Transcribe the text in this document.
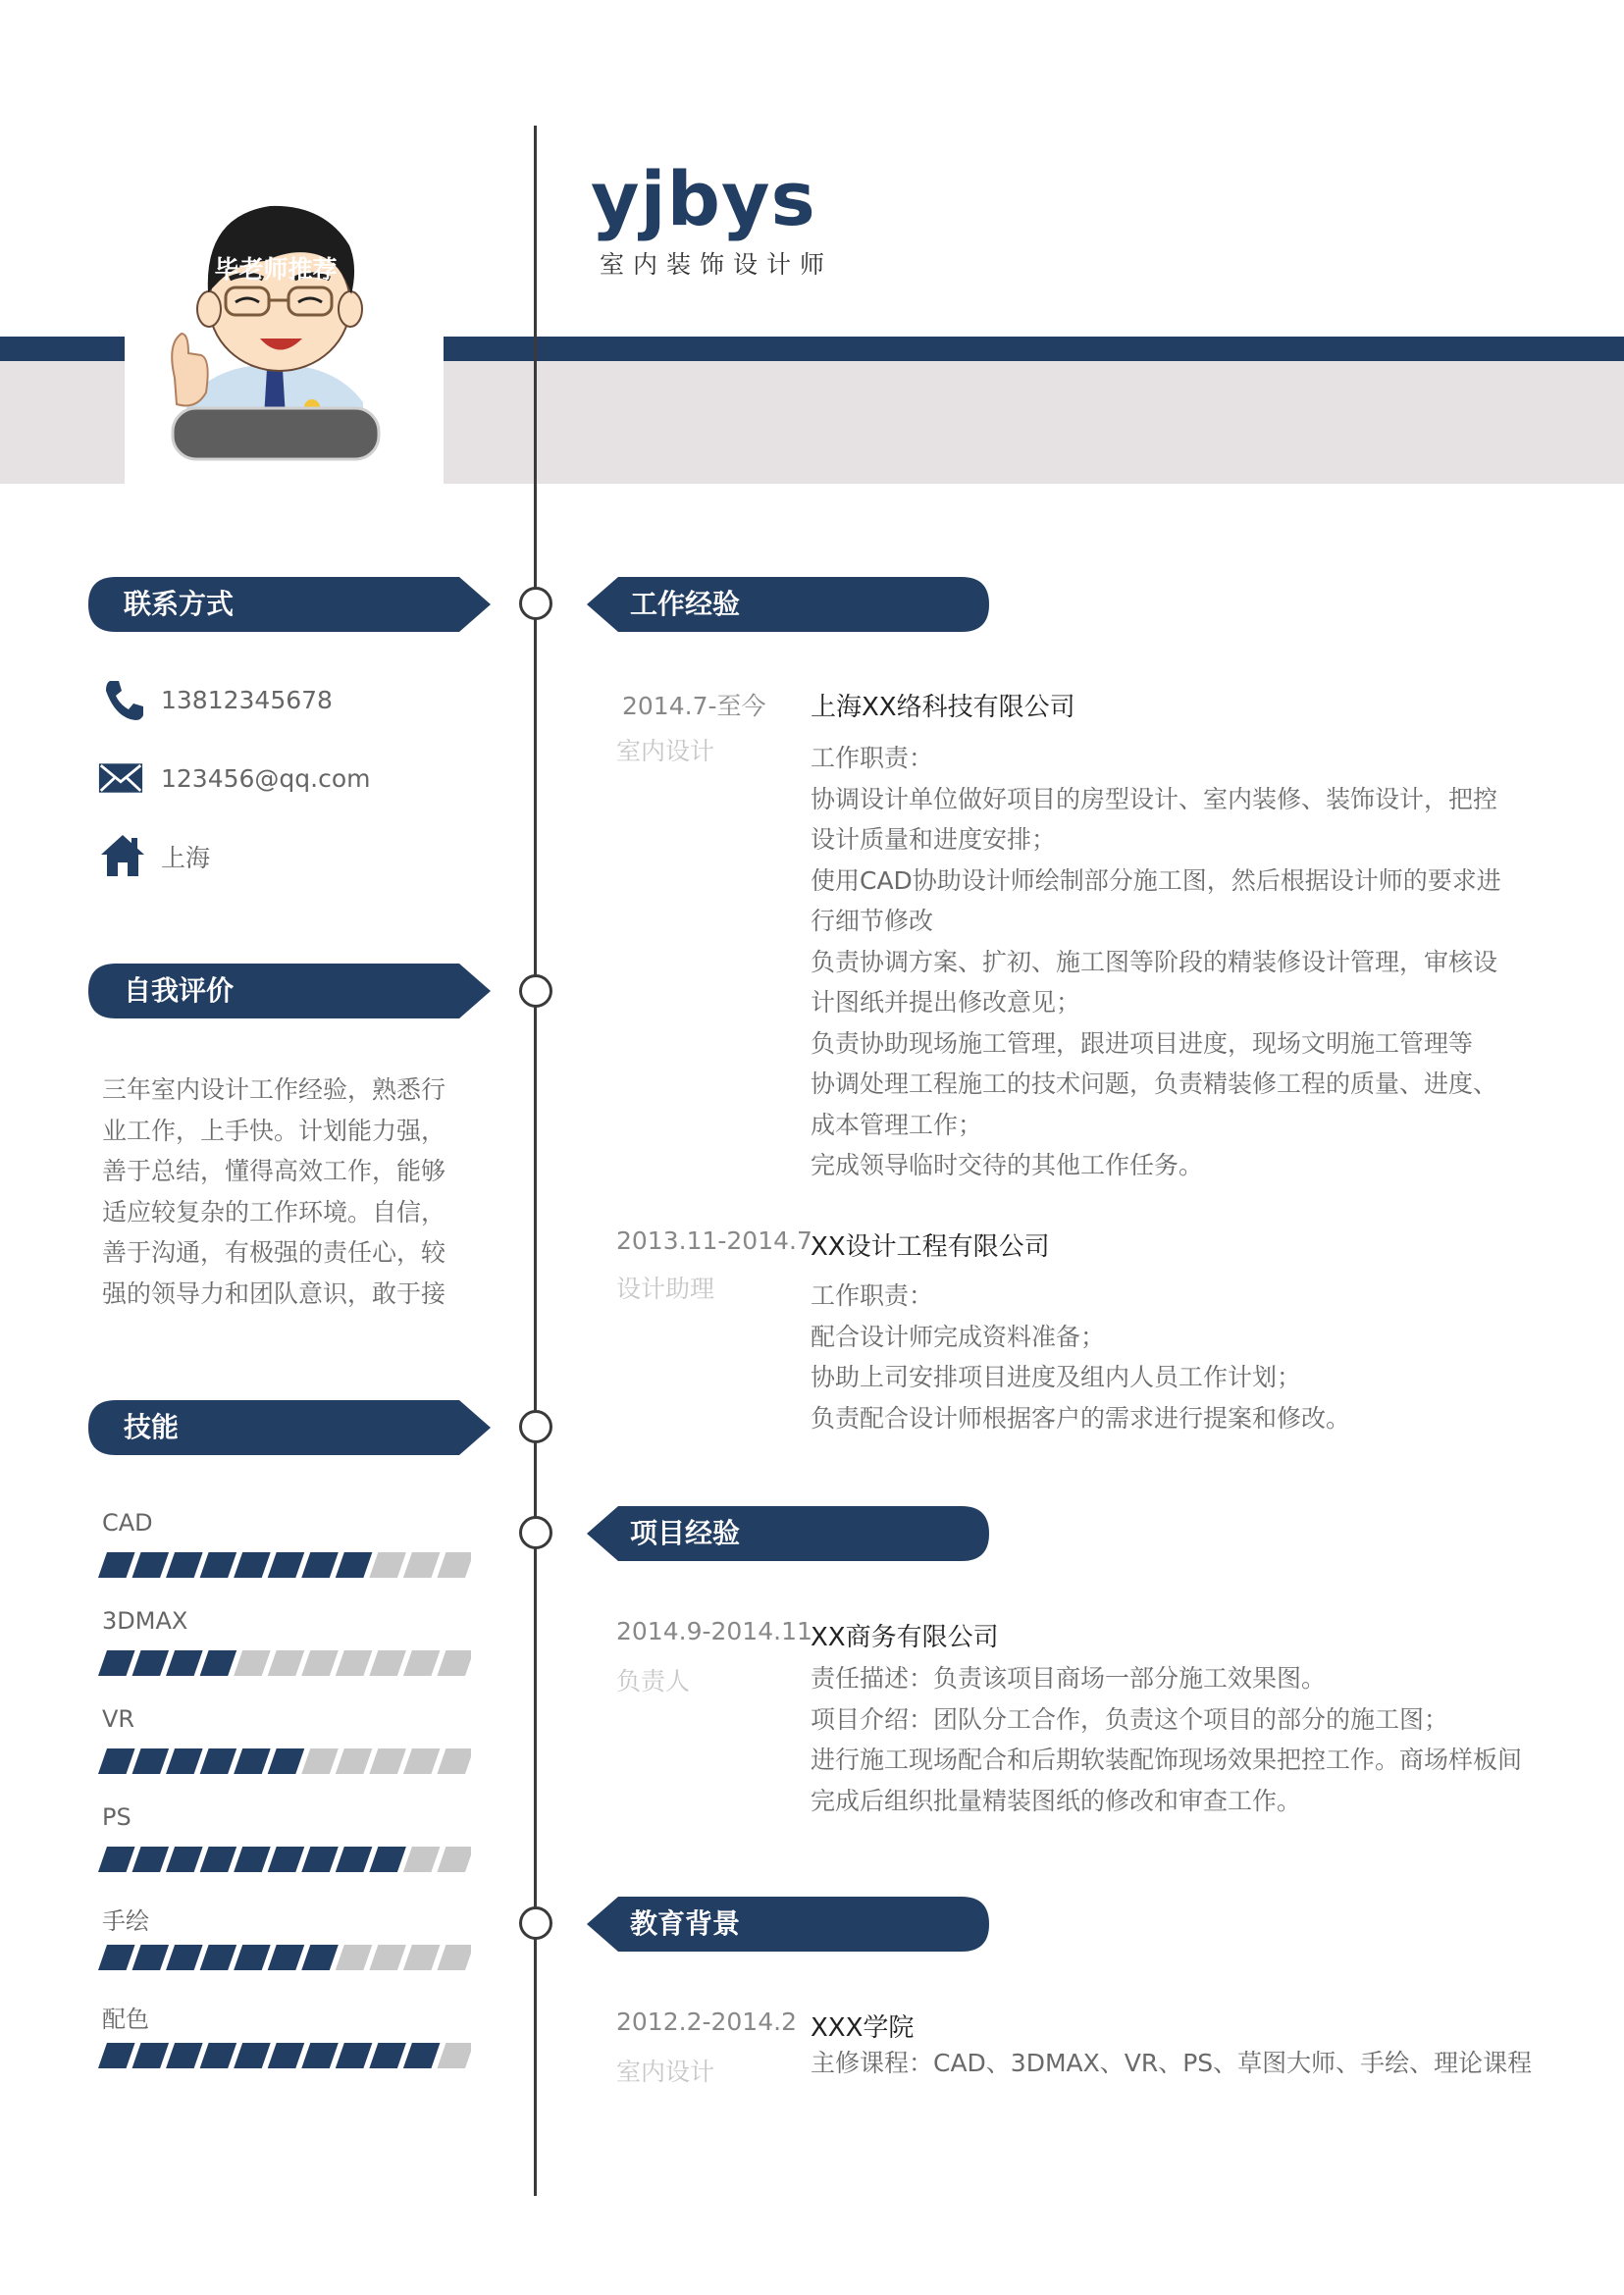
毕老师推荐
yjbys
室内装饰设计师
联系方式
13812345678
123456@qq.com
上海
自我评价
三年室内设计工作经验，熟悉行
业工作，上手快。计划能力强，
善于总结，懂得高效工作，能够
适应较复杂的工作环境。自信，
善于沟通，有极强的责任心，较
强的领导力和团队意识，敢于接
技能
CAD
3DMAX
VR
PS
手绘
配色
工作经验
2014.7-至今
室内设计
上海XX络科技有限公司
工作职责：
协调设计单位做好项目的房型设计、室内装修、装饰设计，把控
设计质量和进度安排；
使用CAD协助设计师绘制部分施工图，然后根据设计师的要求进
行细节修改
负责协调方案、扩初、施工图等阶段的精装修设计管理，审核设
计图纸并提出修改意见；
负责协助现场施工管理，跟进项目进度，现场文明施工管理等
协调处理工程施工的技术问题，负责精装修工程的质量、进度、
成本管理工作；
完成领导临时交待的其他工作任务。
2013.11-2014.7
设计助理
XX设计工程有限公司
工作职责：
配合设计师完成资料准备；
协助上司安排项目进度及组内人员工作计划；
负责配合设计师根据客户的需求进行提案和修改。
项目经验
2014.9-2014.11
负责人
XX商务有限公司
责任描述：负责该项目商场一部分施工效果图。
项目介绍：团队分工合作，负责这个项目的部分的施工图；
进行施工现场配合和后期软装配饰现场效果把控工作。商场样板间
完成后组织批量精装图纸的修改和审查工作。
教育背景
2012.2-2014.2
室内设计
XXX学院
主修课程：CAD、3DMAX、VR、PS、草图大师、手绘、理论课程
